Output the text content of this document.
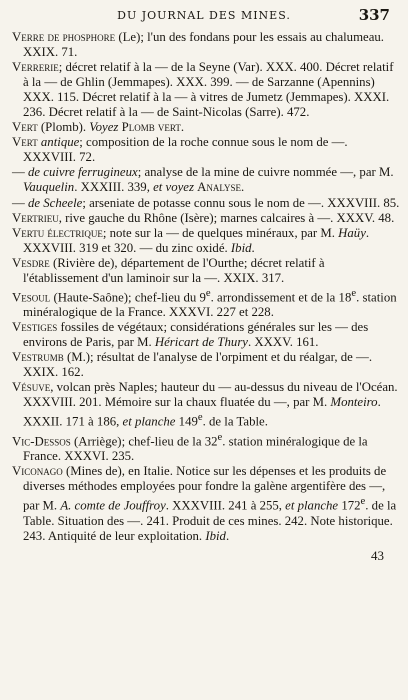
DU JOURNAL DES MINES.	337

Verre de phosphore (Le); l'un des fondans pour les essais au chalumeau. XXIX. 71.

Verrerie; décret relatif à la — de la Seyne (Var). XXX. 400. Décret relatif à la — de Ghlin (Jemmapes). XXX. 399. — de Sarzanne (Apennins) XXX. 115. Décret relatif à la — à vitres de Jumetz (Jemmapes). XXXI. 236. Décret relatif à la — de Saint-Nicolas (Sarre). 472.

Vert (Plomb). Voyez Plomb vert.

Vert antique; composition de la roche connue sous le nom de —. XXXVIII. 72.

— de cuivre ferrugineux; analyse de la mine de cuivre nommée —, par M. Vauquelin. XXXIII. 339, et voyez Analyse.

— de Scheele; arseniate de potasse connu sous le nom de —. XXXVIII. 85.

Vertrieu, rive gauche du Rhône (Isère); marnes calcaires à —. XXXV. 48.

Vertu électrique; note sur la — de quelques minéraux, par M. Haüy. XXXVIII. 319 et 320. — du zinc oxidé. Ibid.

Vesdre (Rivière de), département de l'Ourthe; décret relatif à l'établissement d'un laminoir sur la —. XXIX. 317.

Vesoul (Haute-Saône); chef-lieu du 9e. arrondissement et de la 18e. station minéralogique de la France. XXXVI. 227 et 228.

Vestiges fossiles de végétaux; considérations générales sur les — des environs de Paris, par M. Héricart de Thury. XXXV. 161.

Vestrumb (M.); résultat de l'analyse de l'orpiment et du réalgar, de —. XXIX. 162.

Vésuve, volcan près Naples; hauteur du — au-dessus du niveau de l'Océan. XXXVIII. 201. Mémoire sur la chaux fluatée du —, par M. Monteiro. XXXII. 171 à 186, et planche 149e. de la Table.

Vic-Dessos (Arriège); chef-lieu de la 32e. station minéralogique de la France. XXXVI. 235.

Viconago (Mines de), en Italie. Notice sur les dépenses et les produits de diverses méthodes employées pour fondre la galène argentifère des —, par M. A. comte de Jouffroy. XXXVIII. 241 à 255, et planche 172e. de la Table. Situation des —. 241. Produit de ces mines. 242. Note historique. 243. Antiquité de leur exploitation. Ibid.

43
